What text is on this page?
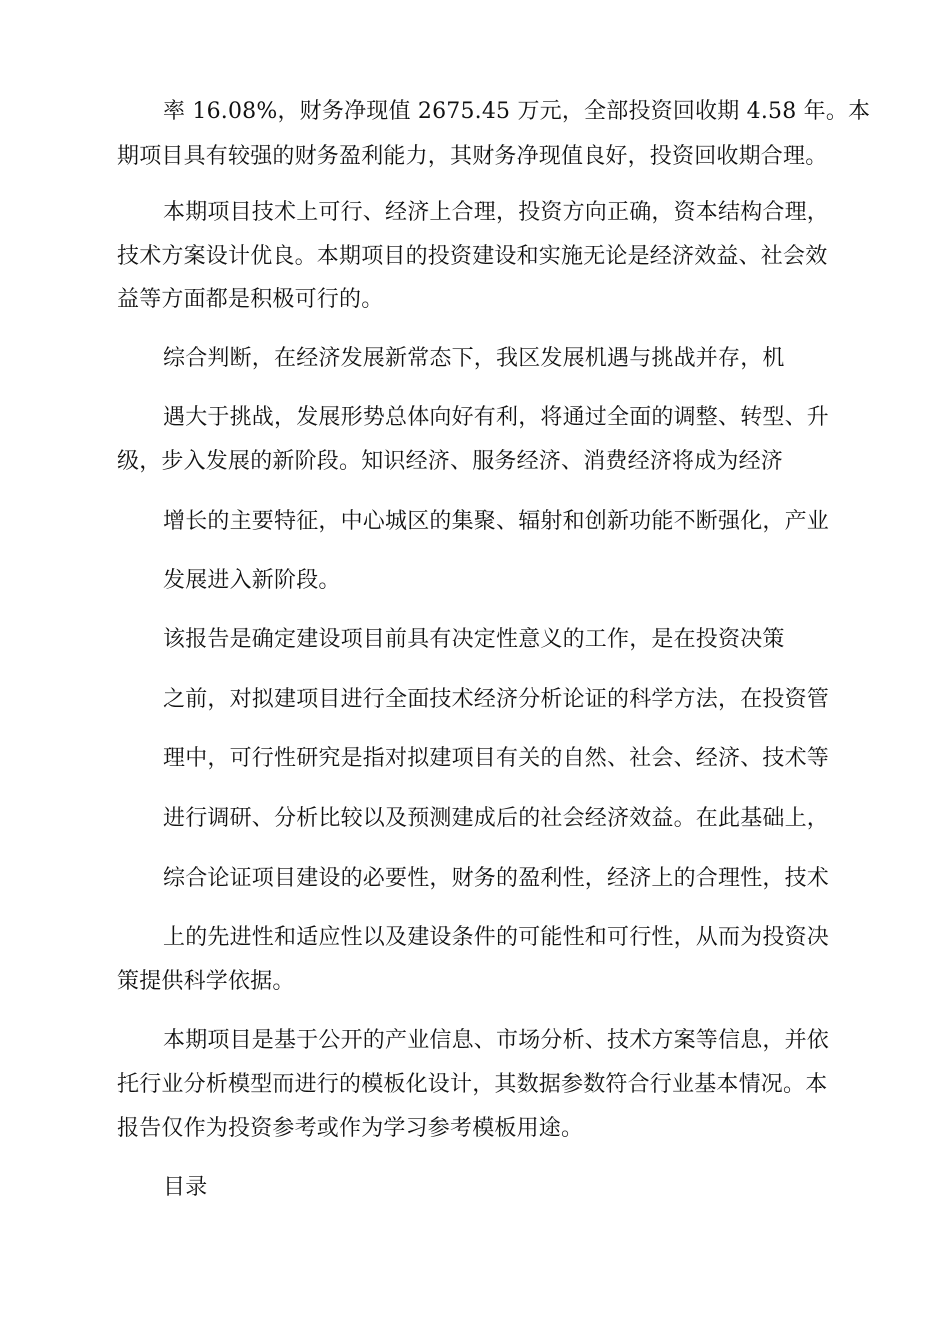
率 16.08%，财务净现值 2675.45 万元，全部投资回收期 4.58 年。本
期项目具有较强的财务盈利能力，其财务净现值良好，投资回收期合理。
本期项目技术上可行、经济上合理，投资方向正确，资本结构合理，
技术方案设计优良。本期项目的投资建设和实施无论是经济效益、社会效
益等方面都是积极可行的。
综合判断，在经济发展新常态下，我区发展机遇与挑战并存，机
遇大于挑战，发展形势总体向好有利，将通过全面的调整、转型、升
级，步入发展的新阶段。知识经济、服务经济、消费经济将成为经济
增长的主要特征，中心城区的集聚、辐射和创新功能不断强化，产业
发展进入新阶段。
该报告是确定建设项目前具有决定性意义的工作，是在投资决策
之前，对拟建项目进行全面技术经济分析论证的科学方法，在投资管
理中，可行性研究是指对拟建项目有关的自然、社会、经济、技术等
进行调研、分析比较以及预测建成后的社会经济效益。在此基础上，
综合论证项目建设的必要性，财务的盈利性，经济上的合理性，技术
上的先进性和适应性以及建设条件的可能性和可行性，从而为投资决
策提供科学依据。
本期项目是基于公开的产业信息、市场分析、技术方案等信息，并依
托行业分析模型而进行的模板化设计，其数据参数符合行业基本情况。本
报告仅作为投资参考或作为学习参考模板用途。
目录
